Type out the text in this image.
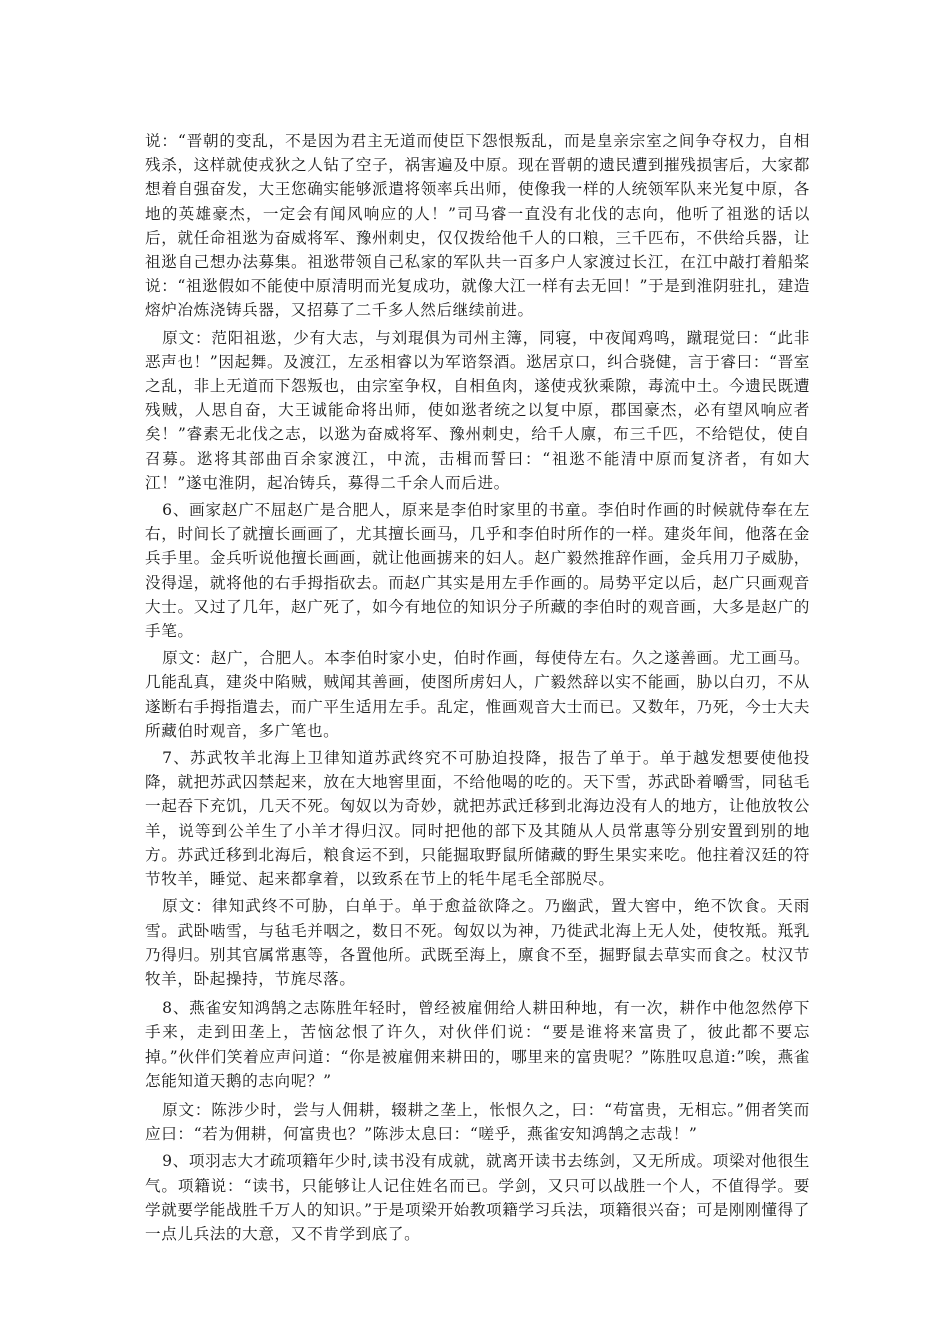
说：“晋朝的变乱，不是因为君主无道而使臣下怨恨叛乱，而是皇亲宗室之间争夺权力，自相残杀，这样就使戎狄之人钻了空子，祸害遍及中原。现在晋朝的遗民遭到摧残损害后，大家都想着自强奋发，大王您确实能够派遣将领率兵出师，使像我一样的人统领军队来光复中原，各地的英雄豪杰，一定会有闻风响应的人！”司马睿一直没有北伐的志向，他听了祖逖的话以后，就任命祖逖为奋威将军、豫州刺史，仅仅拨给他千人的口粮，三千匹布，不供给兵器，让祖逖自己想办法募集。祖逖带领自己私家的军队共一百多户人家渡过长江，在江中敲打着船桨说：“祖逖假如不能使中原清明而光复成功，就像大江一样有去无回！”于是到淮阴驻扎，建造熔炉冶炼浇铸兵器，又招募了二千多人然后继续前进。

原文：范阳祖逖，少有大志，与刘琨俱为司州主簿，同寝，中夜闻鸡鸣，蹴琨觉曰：“此非恶声也！”因起舞。及渡江，左丞相睿以为军谘祭酒。逖居京口，纠合骁健，言于睿曰：“晋室之乱，非上无道而下怨叛也，由宗室争权，自相鱼肉，遂使戎狄乘隙，毒流中土。今遗民既遭残贼，人思自奋，大王诚能命将出师，使如逖者统之以复中原，郡国豪杰，必有望风响应者矣！”睿素无北伐之志，以逖为奋威将军、豫州刺史，给千人廪，布三千匹，不给铠仗，使自召募。逖将其部曲百余家渡江，中流，击楫而誓曰：“祖逖不能清中原而复济者，有如大江！”遂屯淮阴，起冶铸兵，募得二千余人而后进。

6、画家赵广不屈赵广是合肥人，原来是李伯时家里的书童。李伯时作画的时候就侍奉在左右，时间长了就擅长画画了，尤其擅长画马，几乎和李伯时所作的一样。建炎年间，他落在金兵手里。金兵听说他擅长画画，就让他画掳来的妇人。赵广毅然推辞作画，金兵用刀子威胁，没得逞，就将他的右手拇指砍去。而赵广其实是用左手作画的。局势平定以后，赵广只画观音大士。又过了几年，赵广死了，如今有地位的知识分子所藏的李伯时的观音画，大多是赵广的手笔。

原文：赵广，合肥人。本李伯时家小史，伯时作画，每使侍左右。久之遂善画。尤工画马。几能乱真，建炎中陷贼，贼闻其善画，使图所虏妇人，广毅然辞以实不能画，胁以白刃，不从遂断右手拇指遣去，而广平生适用左手。乱定，惟画观音大士而已。又数年，乃死，今士大夫所藏伯时观音，多广笔也。

7、苏武牧羊北海上卫律知道苏武终究不可胁迫投降，报告了单于。单于越发想要使他投降，就把苏武囚禁起来，放在大地窖里面，不给他喝的吃的。天下雪，苏武卧着嚼雪，同毡毛一起吞下充饥，几天不死。匈奴以为奇妙，就把苏武迁移到北海边没有人的地方，让他放牧公羊，说等到公羊生了小羊才得归汉。同时把他的部下及其随从人员常惠等分别安置到别的地方。苏武迁移到北海后，粮食运不到，只能掘取野鼠所储藏的野生果实来吃。他拄着汉廷的符节牧羊，睡觉、起来都拿着，以致系在节上的牦牛尾毛全部脱尽。

原文：律知武终不可胁，白单于。单于愈益欲降之。乃幽武，置大窖中，绝不饮食。天雨雪。武卧啮雪，与毡毛并咽之，数日不死。匈奴以为神，乃徙武北海上无人处，使牧羝。羝乳乃得归。别其官属常惠等，各置他所。武既至海上，廪食不至，掘野鼠去草实而食之。杖汉节牧羊，卧起操持，节旄尽落。

8、燕雀安知鸿鹄之志陈胜年轻时，曾经被雇佣给人耕田种地，有一次，耕作中他忽然停下手来，走到田垄上，苦恼忿恨了许久，对伙伴们说：“要是谁将来富贵了，彼此都不要忘掉。”伙伴们笑着应声问道：“你是被雇佣来耕田的，哪里来的富贵呢？”陈胜叹息道:”唉，燕雀怎能知道天鹅的志向呢？”

原文：陈涉少时，尝与人佣耕，辍耕之垄上，怅恨久之，曰：“苟富贵，无相忘。”佣者笑而应曰：“若为佣耕，何富贵也？”陈涉太息曰：“嗟乎，燕雀安知鸿鹄之志哉！”

9、项羽志大才疏项籍年少时,读书没有成就，就离开读书去练剑，又无所成。项梁对他很生气。项籍说：“读书，只能够让人记住姓名而已。学剑，又只可以战胜一个人，不值得学。要学就要学能战胜千万人的知识。”于是项梁开始教项籍学习兵法，项籍很兴奋；可是刚刚懂得了一点儿兵法的大意，又不肯学到底了。
